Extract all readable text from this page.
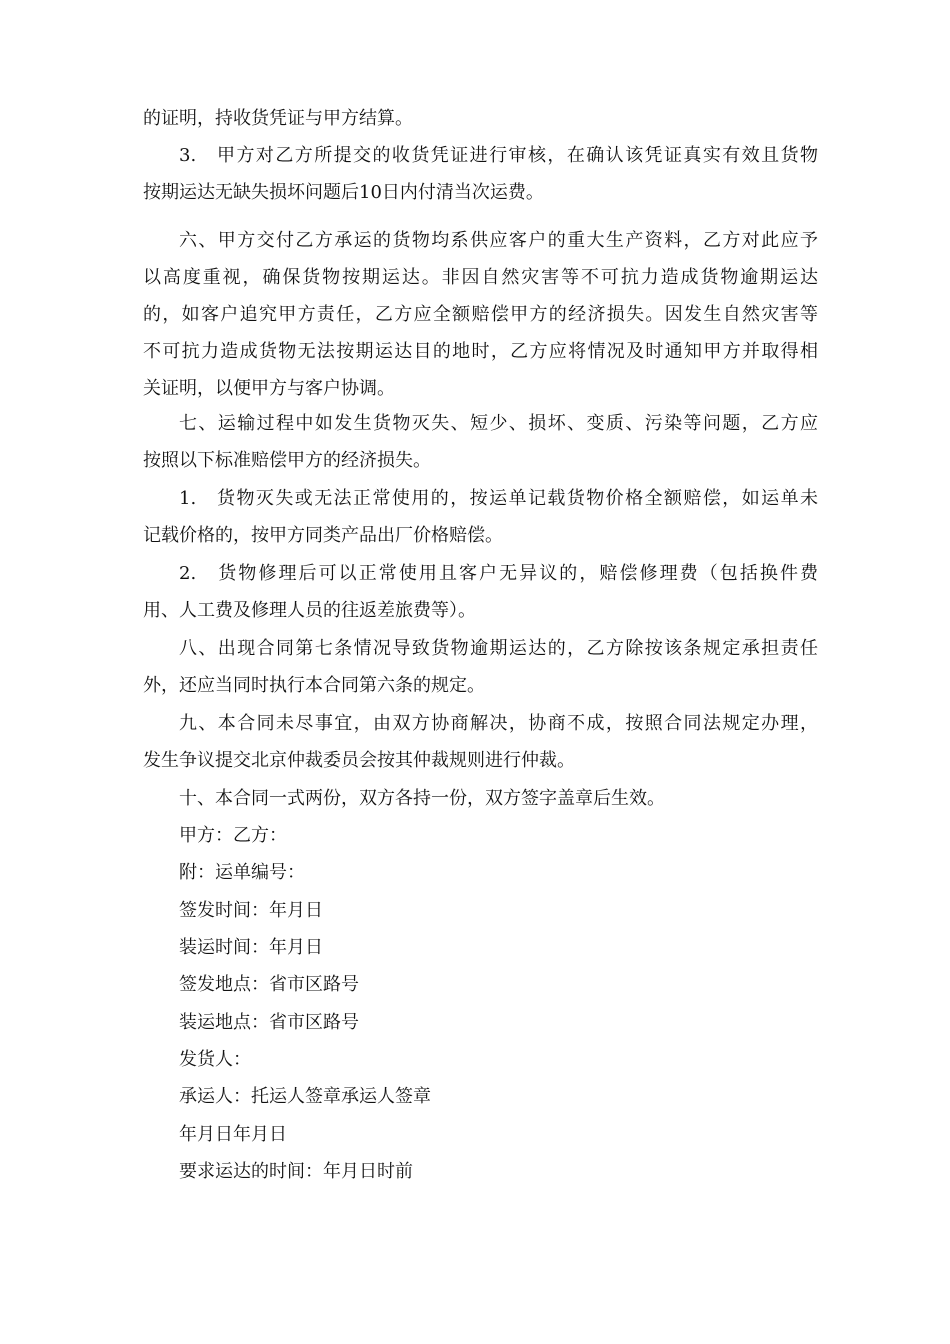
的证明，持收货凭证与甲方结算。
3.　甲方对乙方所提交的收货凭证进行审核，在确认该凭证真实有效且货物
按期运达无缺失损坏问题后10日内付清当次运费。
六、甲方交付乙方承运的货物均系供应客户的重大生产资料，乙方对此应予
以高度重视，确保货物按期运达。非因自然灾害等不可抗力造成货物逾期运达
的，如客户追究甲方责任，乙方应全额赔偿甲方的经济损失。因发生自然灾害等
不可抗力造成货物无法按期运达目的地时，乙方应将情况及时通知甲方并取得相
关证明，以便甲方与客户协调。
七、运输过程中如发生货物灭失、短少、损坏、变质、污染等问题，乙方应
按照以下标准赔偿甲方的经济损失。
1.　货物灭失或无法正常使用的，按运单记载货物价格全额赔偿，如运单未
记载价格的，按甲方同类产品出厂价格赔偿。
2.　货物修理后可以正常使用且客户无异议的，赔偿修理费（包括换件费
用、人工费及修理人员的往返差旅费等）。
八、出现合同第七条情况导致货物逾期运达的，乙方除按该条规定承担责任
外，还应当同时执行本合同第六条的规定。
九、本合同未尽事宜，由双方协商解决，协商不成，按照合同法规定办理，
发生争议提交北京仲裁委员会按其仲裁规则进行仲裁。
十、本合同一式两份，双方各持一份，双方签字盖章后生效。
甲方：乙方：
附：运单编号：
签发时间：年月日
装运时间：年月日
签发地点：省市区路号
装运地点：省市区路号
发货人：
承运人：托运人签章承运人签章
年月日年月日
要求运达的时间：年月日时前
